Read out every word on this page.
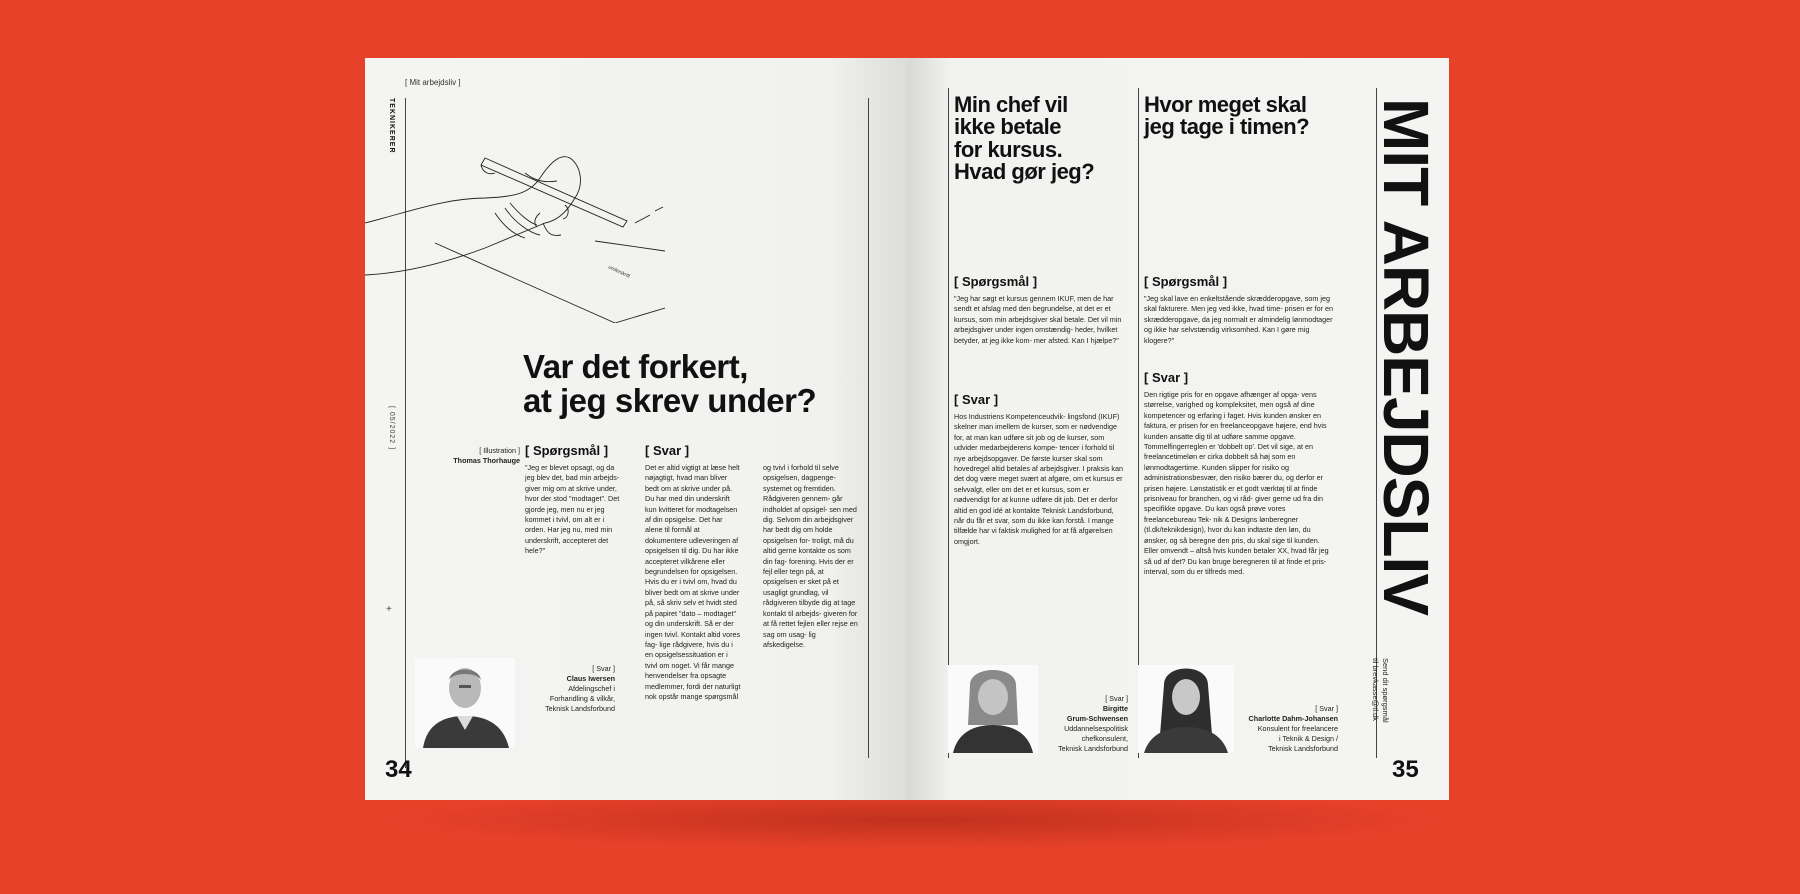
[ Mit arbejdsliv ]
TEKNIKERER
[ 05/2022 ]
+
underskrift
Var det forkert,
at jeg skrev under?
[ Illustration ]
Thomas Thorhauge
[ Spørgsmål ]
"Jeg er blevet opsagt, og da jeg blev det, bad min arbejds- giver mig om at skrive under, hvor der stod "modtaget". Det gjorde jeg, men nu er jeg kommet i tvivl, om alt er i orden. Har jeg nu, med min underskrift, accepteret det hele?"
[ Svar ]
Det er altid vigtigt at læse helt nøjagtigt, hvad man bliver bedt om at skrive under på. Du har med din underskrift kun kvitteret for modtagelsen af din opsigelse. Det har alene til formål at dokumentere udleveringen af opsigelsen til dig. Du har ikke accepteret vilkårene eller begrundelsen for opsigelsen. Hvis du er i tvivl om, hvad du bliver bedt om at skrive under på, så skriv selv et hvidt sted på papiret "dato – modtaget" og din underskrift. Så er der ingen tvivl. Kontakt altid vores fag- lige rådgivere, hvis du i en opsigelsessituation er i tvivl om noget. Vi får mange henvendelser fra opsagte medlemmer, fordi der naturligt nok opstår mange spørgsmål
og tvivl i forhold til selve opsigelsen, dagpenge- systemet og fremtiden. Rådgiveren gennem- går indholdet af opsigel- sen med dig. Selvom din arbejdsgiver har bedt dig om holde opsigelsen for- troligt, må du altid gerne kontakte os som din fag- forening. Hvis der er fejl eller tegn på, at opsigelsen er sket på et usagligt grundlag, vil rådgiveren tilbyde dig at tage kontakt til arbejds- giveren for at få rettet fejlen eller rejse en sag om usag- lig afskedigelse.
[ Svar ]
Claus Iwersen
Afdelingschef i
Forhandling & vilkår,
Teknisk Landsforbund
34
Min chef vil
ikke betale
for kursus.
Hvad gør jeg?
[ Spørgsmål ]
"Jeg har søgt et kursus gennem IKUF, men de har sendt et afslag med den begrundelse, at det er et kursus, som min arbejdsgiver skal betale. Det vil min arbejdsgiver under ingen omstændig- heder, hvilket betyder, at jeg ikke kom- mer afsted. Kan I hjælpe?"
[ Svar ]
Hos Industriens Kompetenceudvik- lingsfond (IKUF) skelner man imellem de kurser, som er nødvendige for, at man kan udføre sit job og de kurser, som udvider medarbejderens kompe- tencer i forhold til nye arbejdsopgaver. De første kurser skal som hovedregel altid betales af arbejdsgiver. I praksis kan det dog være meget svært at afgøre, om et kursus er selvvalgt, eller om det er et kursus, som er nødvendigt for at kunne udføre dit job. Det er derfor altid en god idé at kontakte Teknisk Landsforbund, når du får et svar, som du ikke kan forstå. I mange tilfælde har vi faktisk mulighed for at få afgørelsen omgjort.
[ Svar ]
Birgitte
Grum-Schwensen
Uddannelsespolitisk
chefkonsulent,
Teknisk Landsforbund
Hvor meget skal
jeg tage i timen?
[ Spørgsmål ]
"Jeg skal lave en enkeltstående skrædderopgave, som jeg skal fakturere. Men jeg ved ikke, hvad time- prisen er for en skrædderopgave, da jeg normalt er almindelig lønmodtager og ikke har selvstændig virksomhed. Kan I gøre mig klogere?"
[ Svar ]
Den rigtige pris for en opgave afhænger af opga- vens størrelse, varighed og kompleksitet, men også af dine kompetencer og erfaring i faget. Hvis kunden ønsker en faktura, er prisen for en freelanceopgave højere, end hvis kunden ansatte dig til at udføre samme opgave. Tommelfingerreglen er 'dobbelt op'. Det vil sige, at en freelancetimeløn er cirka dobbelt så høj som en lønmodtagertime. Kunden slipper for risiko og administrationsbesvær, den risiko bærer du, og derfor er prisen højere. Lønstatistik er et godt værktøj til at finde prisniveau for branchen, og vi råd- giver gerne ud fra din specifikke opgave. Du kan også prøve vores freelancebureau Tek- nik & Designs lønberegner (tl.dk/teknikdesign), hvor du kan indtaste den løn, du ønsker, og så beregne den pris, du skal sige til kunden. Eller omvendt – altså hvis kunden betaler XX, hvad får jeg så ud af det? Du kan bruge beregneren til at finde et pris- interval, som du er tilfreds med.
[ Svar ]
Charlotte Dahm-Johansen
Konsulent for freelancere
i Teknik & Design /
Teknisk Landsforbund
MIT ARBEJDSLIV
Send dit spørgsmål
til brevkasse@tl.dk
35
